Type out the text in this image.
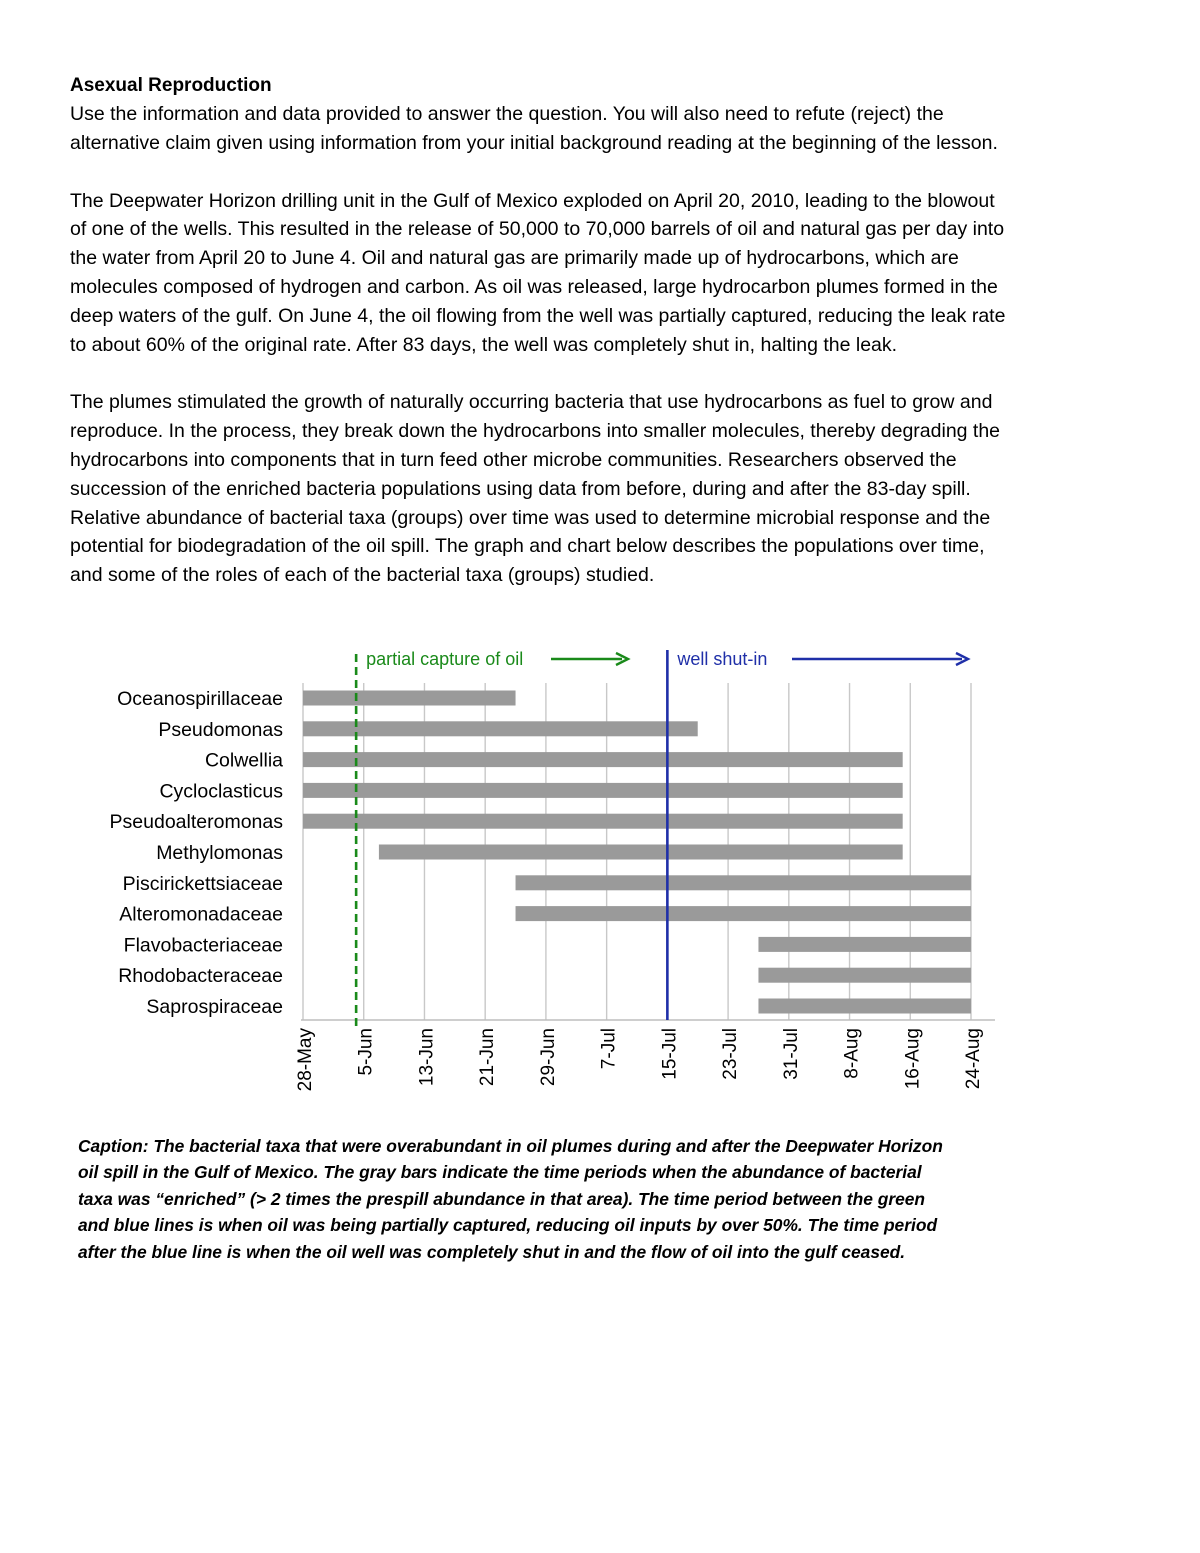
Asexual Reproduction

Use the information and data provided to answer the question. You will also need to refute (reject) the
alternative claim given using information from your initial background reading at the beginning of the lesson.

The Deepwater Horizon drilling unit in the Gulf of Mexico exploded on April 20, 2010, leading to the blowout
of one of the wells. This resulted in the release of 50,000 to 70,000 barrels of oil and natural gas per day into
the water from April 20 to June 4. Oil and natural gas are primarily made up of hydrocarbons, which are
molecules composed of hydrogen and carbon. As oil was released, large hydrocarbon plumes formed in the
deep waters of the gulf. On June 4, the oil flowing from the well was partially captured, reducing the leak rate
to about 60% of the original rate. After 83 days, the well was completely shut in, halting the leak.

The plumes stimulated the growth of naturally occurring bacteria that use hydrocarbons as fuel to grow and
reproduce. In the process, they break down the hydrocarbons into smaller molecules, thereby degrading the
hydrocarbons into components that in turn feed other microbe communities. Researchers observed the
succession of the enriched bacteria populations using data from before, during and after the 83-day spill.
Relative abundance of bacterial taxa (groups) over time was used to determine microbial response and the
potential for biodegradation of the oil spill. The graph and chart below describes the populations over time,
and some of the roles of each of the bacterial taxa (groups) studied.

28-May 5-Jun 13-Jun 21-Jun 29-Jun 7-Jul 15-Jul 23-Jul 31-Jul 8-Aug 16-Aug 24-Aug
Oceanospirillaceae
Pseudomonas
Colwellia
Cycloclasticus
Pseudoalteromonas
Methylomonas
Piscirickettsiaceae
Alteromonadaceae
Flavobacteriaceae
Rhodobacteraceae
Saprospiraceae
partial capture of oil	well shut-in
Caption: The bacterial taxa that were overabundant in oil plumes during and after the Deepwater Horizon
oil spill in the Gulf of Mexico. The gray bars indicate the time periods when the abundance of bacterial
taxa was “enriched” (> 2 times the prespill abundance in that area). The time period between the green
and blue lines is when oil was being partially captured, reducing oil inputs by over 50%. The time period
after the blue line is when the oil well was completely shut in and the flow of oil into the gulf ceased.
